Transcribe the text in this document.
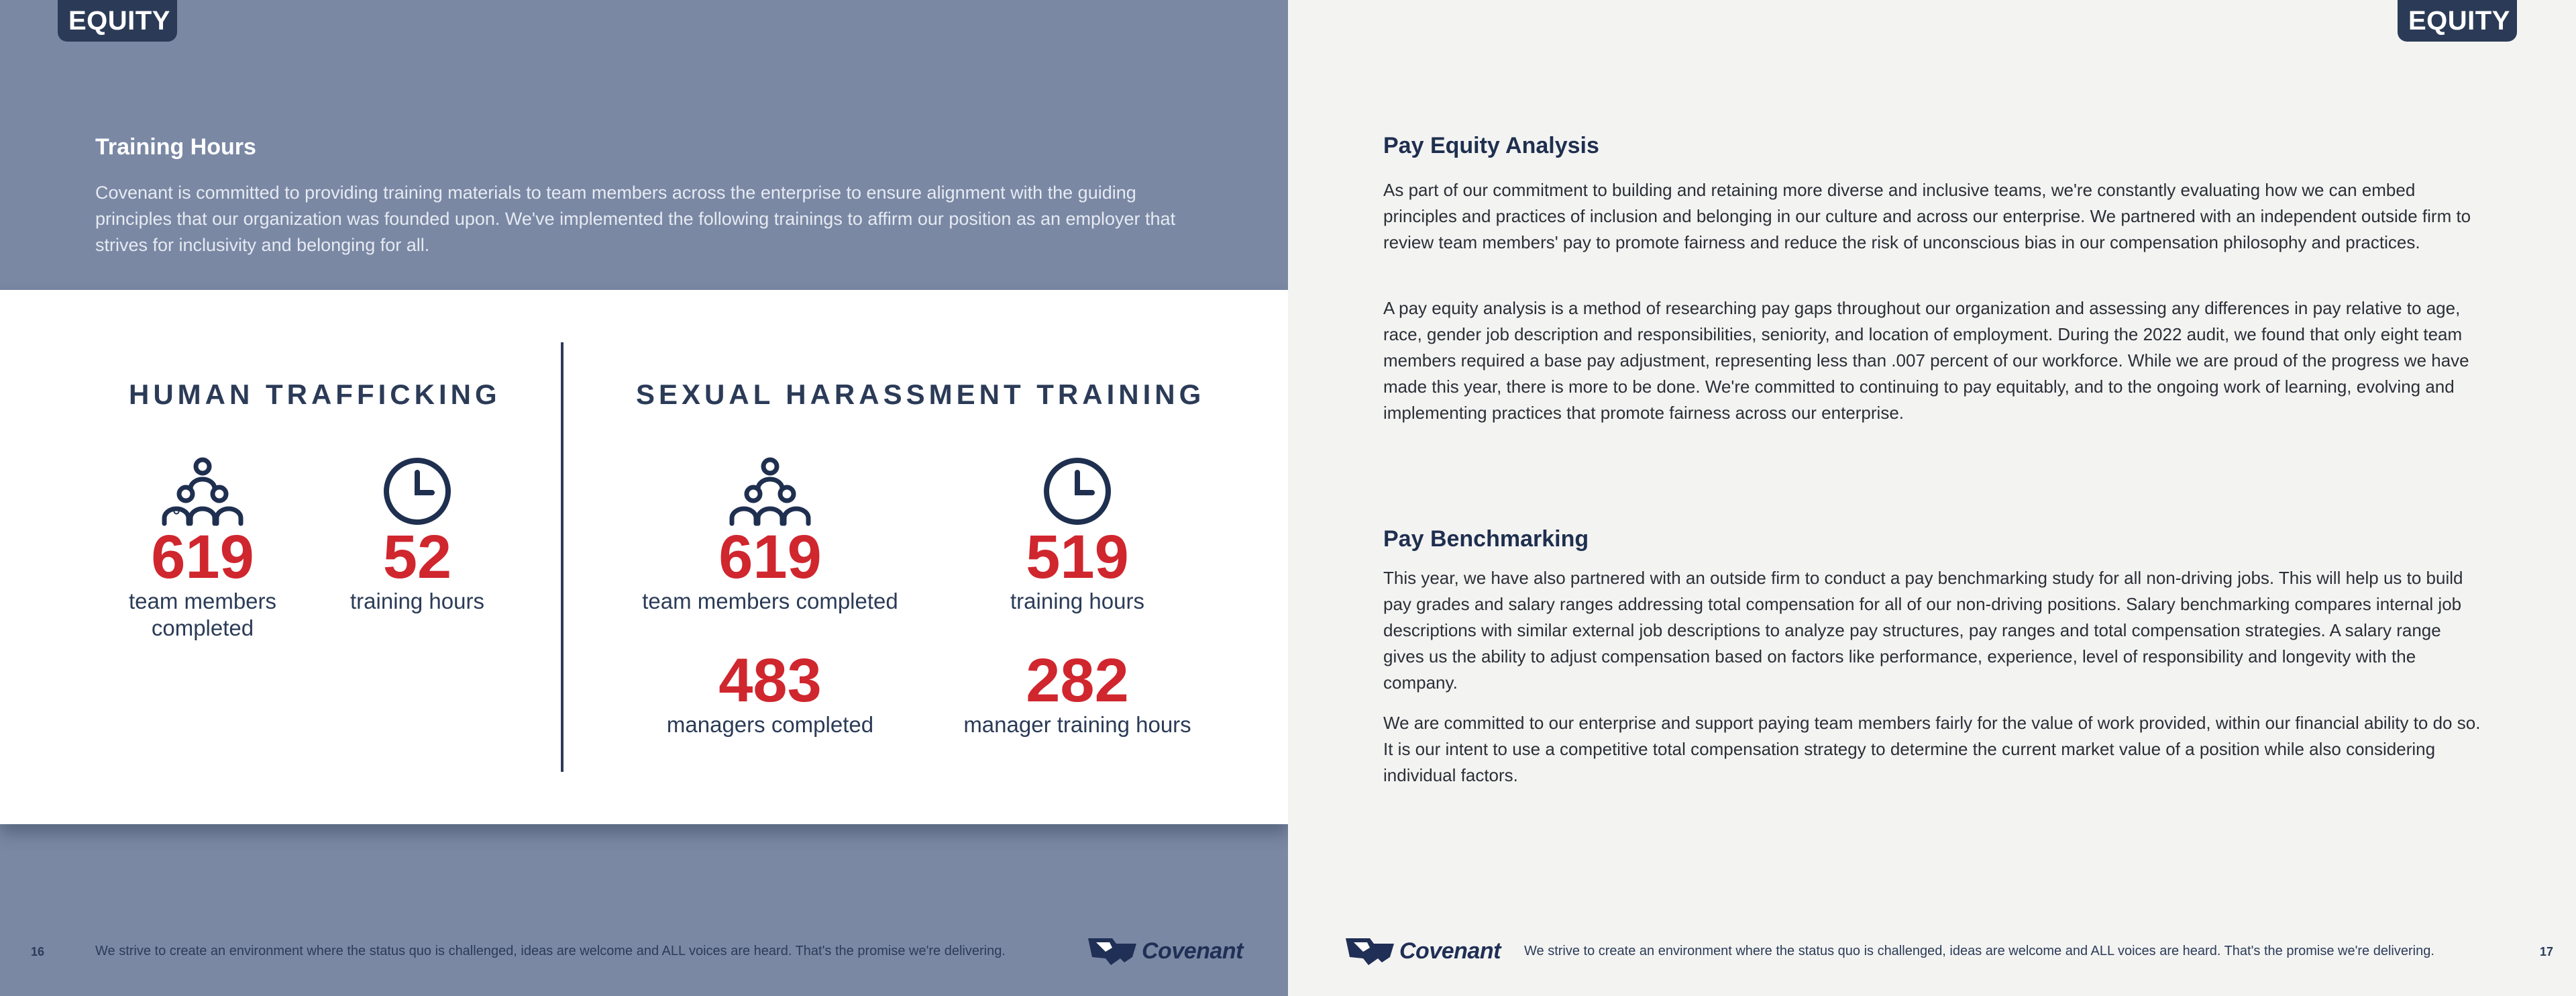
EQUITY
Training Hours
Covenant is committed to providing training materials to team members across the enterprise to ensure alignment with the guiding principles that our organization was founded upon. We've implemented the following trainings to affirm our position as an employer that strives for inclusivity and belonging for all.
HUMAN TRAFFICKING	SEXUAL HARASSMENT TRAINING
619
team members
completed
52
training hours
619
team members completed
519
training hours
483
managers completed
282
manager training hours
16	We strive to create an environment where the status quo is challenged, ideas are welcome and ALL voices are heard. That's the promise we're delivering.	Covenant
EQUITY
Pay Equity Analysis
As part of our commitment to building and retaining more diverse and inclusive teams, we're constantly evaluating how we can embed principles and practices of inclusion and belonging in our culture and across our enterprise. We partnered with an independent outside firm to review team members' pay to promote fairness and reduce the risk of unconscious bias in our compensation philosophy and practices.
A pay equity analysis is a method of researching pay gaps throughout our organization and assessing any differences in pay relative to age, race, gender job description and responsibilities, seniority, and location of employment. During the 2022 audit, we found that only eight team members required a base pay adjustment, representing less than .007 percent of our workforce. While we are proud of the progress we have made this year, there is more to be done. We're committed to continuing to pay equitably, and to the ongoing work of learning, evolving and implementing practices that promote fairness across our enterprise.
Pay Benchmarking
This year, we have also partnered with an outside firm to conduct a pay benchmarking study for all non-driving jobs. This will help us to build pay grades and salary ranges addressing total compensation for all of our non-driving positions. Salary benchmarking compares internal job descriptions with similar external job descriptions to analyze pay structures, pay ranges and total compensation strategies. A salary range gives us the ability to adjust compensation based on factors like performance, experience, level of responsibility and longevity with the company.
We are committed to our enterprise and support paying team members fairly for the value of work provided, within our financial ability to do so. It is our intent to use a competitive total compensation strategy to determine the current market value of a position while also considering individual factors.
Covenant We strive to create an environment where the status quo is challenged, ideas are welcome and ALL voices are heard. That's the promise we're delivering.	17
